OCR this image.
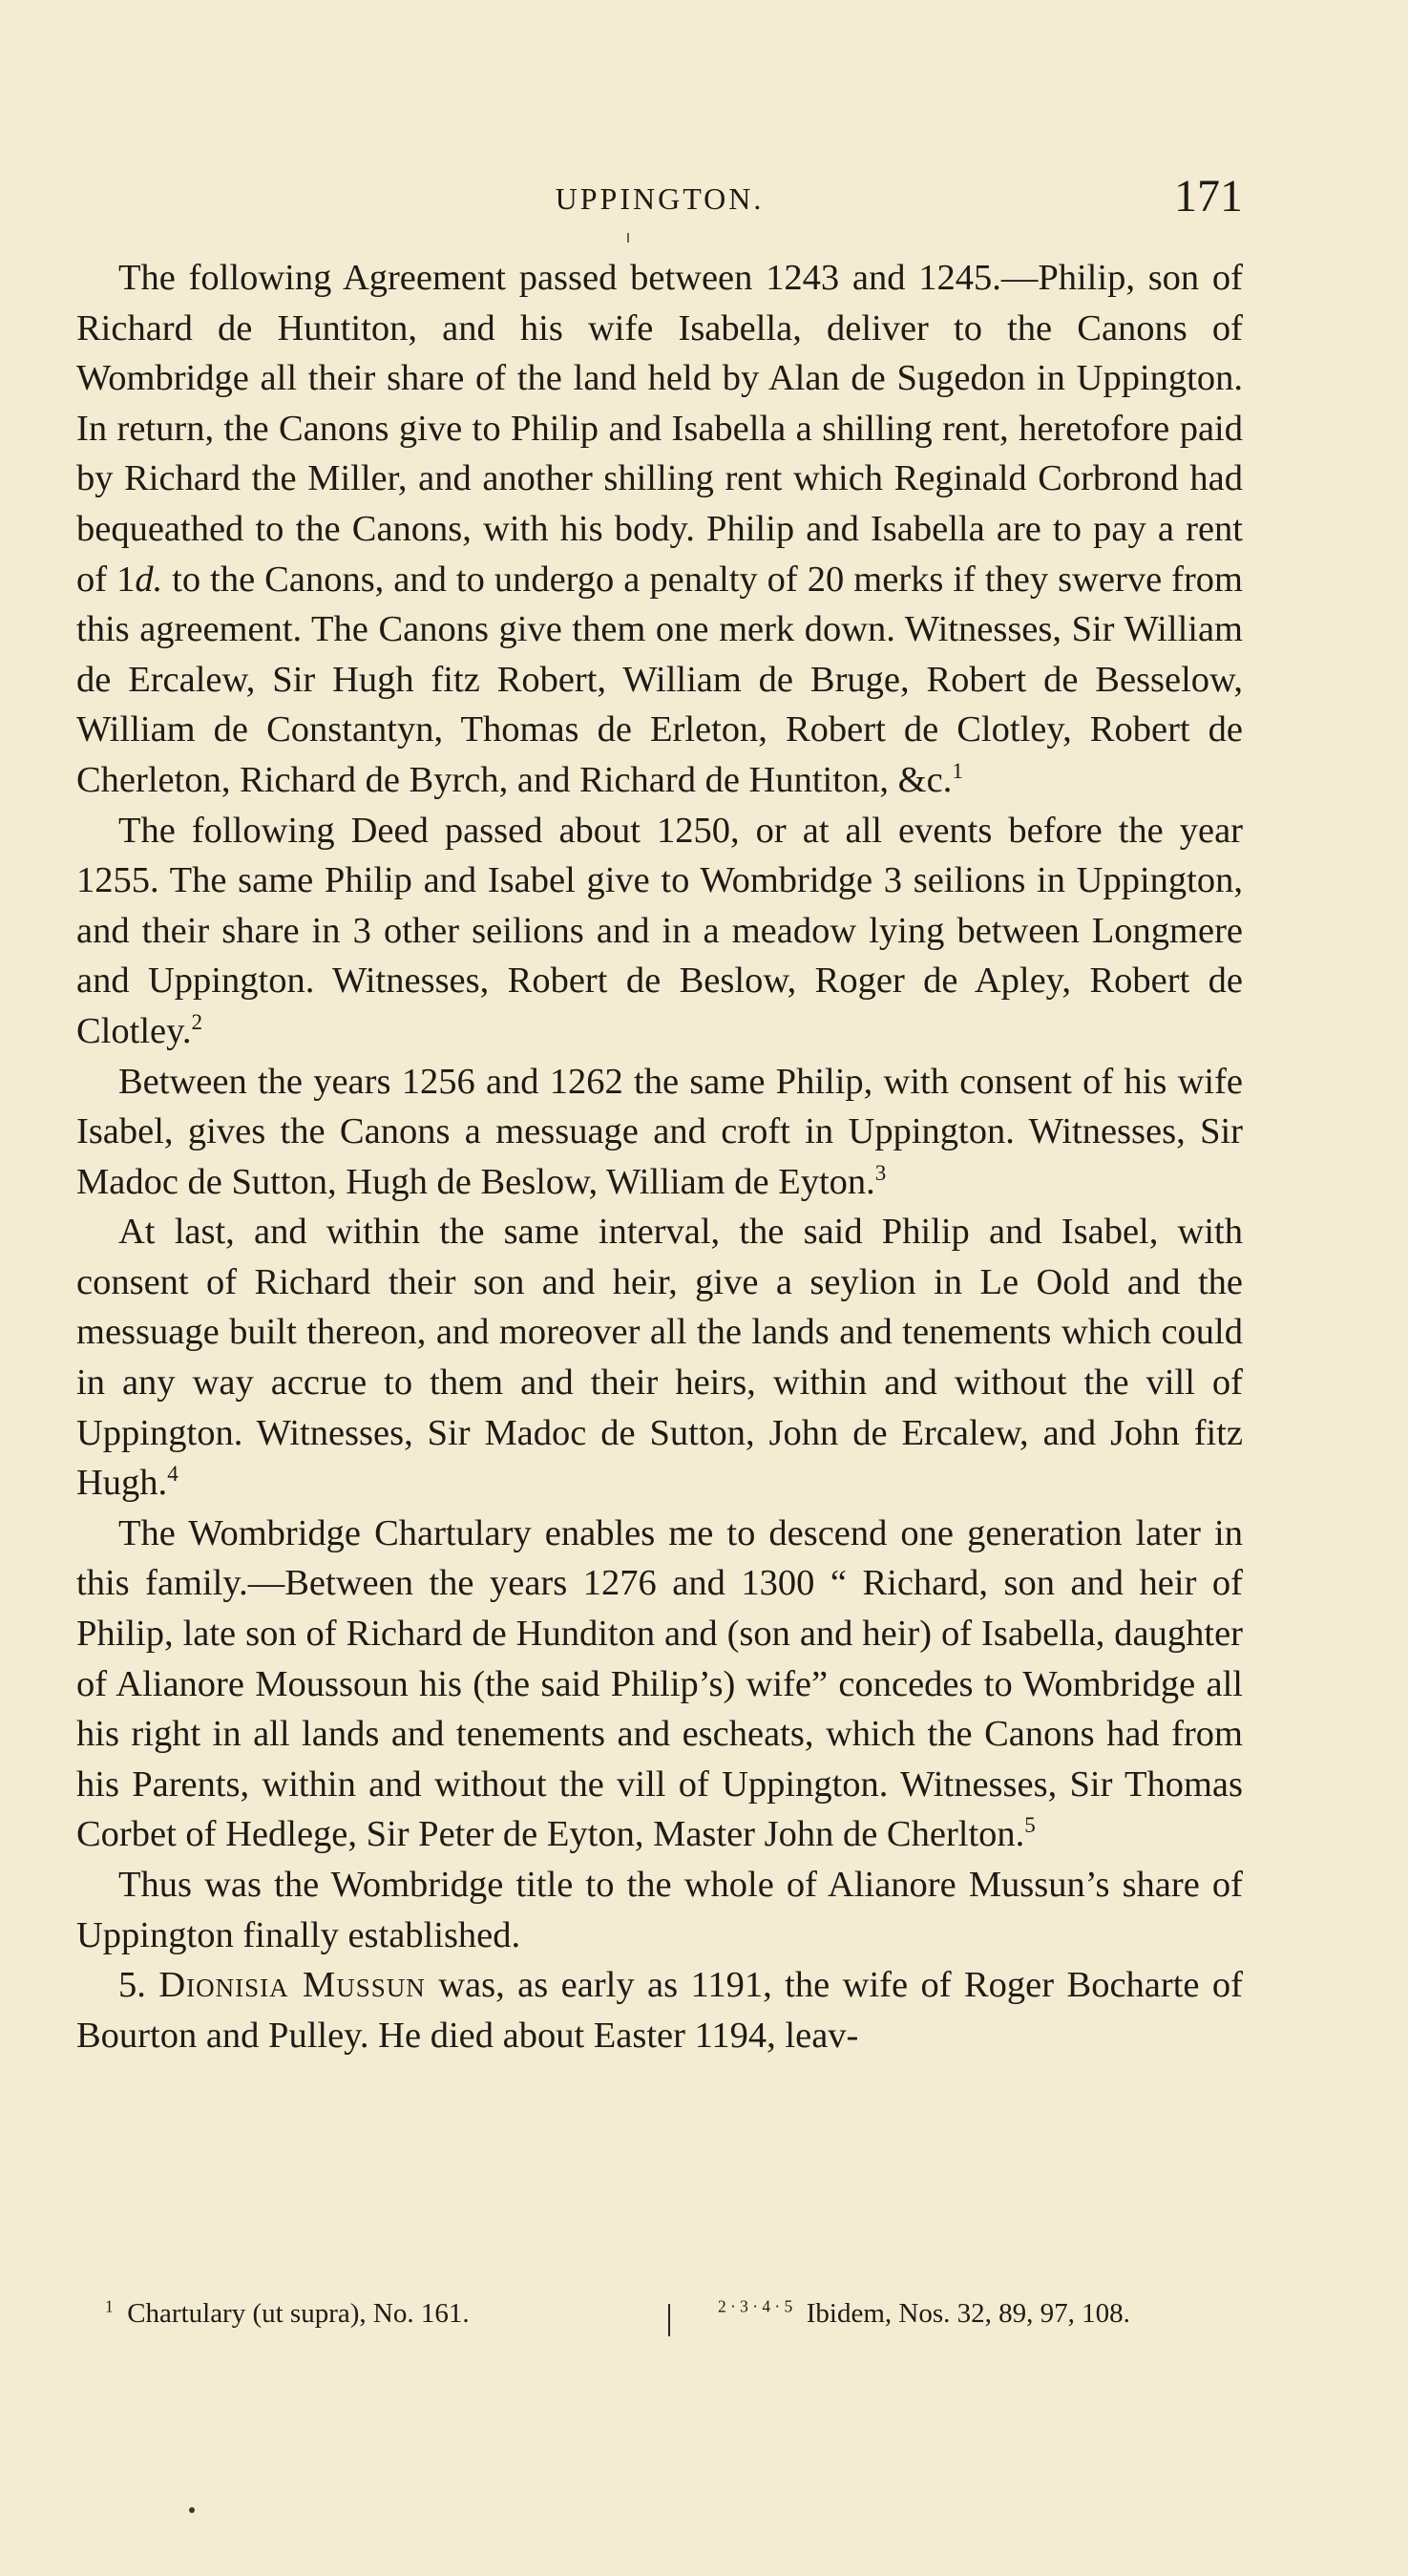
UPPINGTON.	171

The following Agreement passed between 1243 and 1245.—Philip, son of Richard de Huntiton, and his wife Isabella, deliver to the Canons of Wombridge all their share of the land held by Alan de Sugedon in Uppington. In return, the Canons give to Philip and Isabella a shilling rent, heretofore paid by Richard the Miller, and another shilling rent which Reginald Corbrond had bequeathed to the Canons, with his body. Philip and Isabella are to pay a rent of 1d. to the Canons, and to undergo a penalty of 20 merks if they swerve from this agreement. The Canons give them one merk down. Witnesses, Sir William de Ercalew, Sir Hugh fitz Robert, William de Bruge, Robert de Besselow, William de Constantyn, Thomas de Erleton, Robert de Clotley, Robert de Cherleton, Richard de Byrch, and Richard de Huntiton, &c.$^1$

The following Deed passed about 1250, or at all events before the year 1255. The same Philip and Isabel give to Wombridge 3 seilions in Uppington, and their share in 3 other seilions and in a meadow lying between Longmere and Uppington. Witnesses, Robert de Beslow, Roger de Apley, Robert de Clotley.$^2$

Between the years 1256 and 1262 the same Philip, with consent of his wife Isabel, gives the Canons a messuage and croft in Uppington. Witnesses, Sir Madoc de Sutton, Hugh de Beslow, William de Eyton.$^3$

At last, and within the same interval, the said Philip and Isabel, with consent of Richard their son and heir, give a seylion in Le Oold and the messuage built thereon, and moreover all the lands and tenements which could in any way accrue to them and their heirs, within and without the vill of Uppington. Witnesses, Sir Madoc de Sutton, John de Ercalew, and John fitz Hugh.$^4$

The Wombridge Chartulary enables me to descend one generation later in this family.—Between the years 1276 and 1300 “ Richard, son and heir of Philip, late son of Richard de Hunditon and (son and heir) of Isabella, daughter of Alianore Moussoun his (the said Philip’s) wife” concedes to Wombridge all his right in all lands and tenements and escheats, which the Canons had from his Parents, within and without the vill of Uppington. Witnesses, Sir Thomas Corbet of Hedlege, Sir Peter de Eyton, Master John de Cherlton.$^5$

Thus was the Wombridge title to the whole of Alianore Mussun’s share of Uppington finally established.

5. Dionisia Mussun was, as early as 1191, the wife of Roger Bocharte of Bourton and Pulley. He died about Easter 1194, leav-

$^1$ Chartulary (ut supra), No. 161.	$^{2 \cdot 3 \cdot 4 \cdot 5}$ Ibidem, Nos. 32, 89, 97, 108.
